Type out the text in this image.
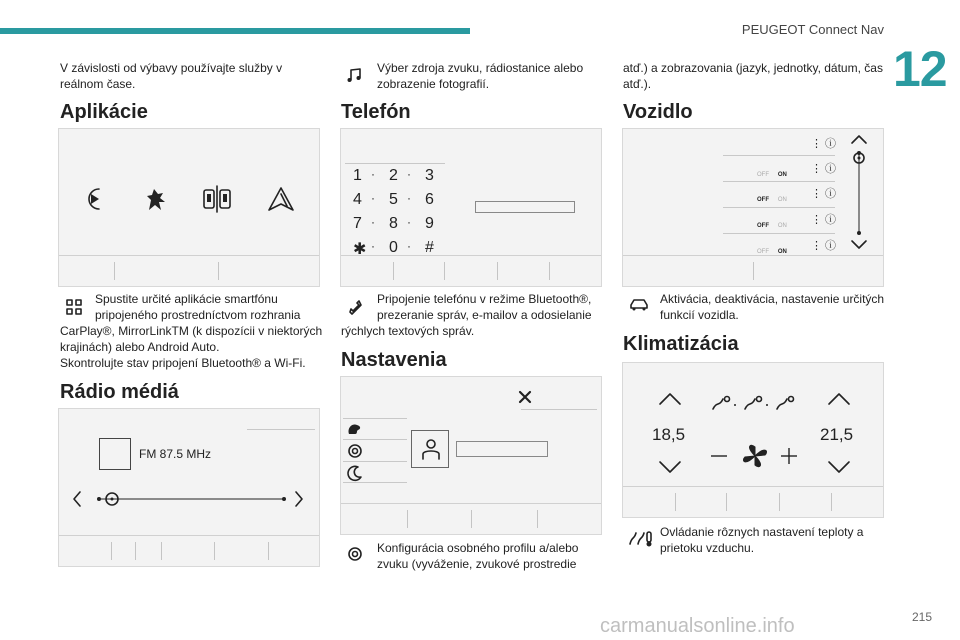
PEUGEOT Connect Nav
12
V závislosti od výbavy používajte služby v
reálnom čase.
Aplikácie
Spustite určité aplikácie smartfónu
pripojeného prostredníctvom rozhrania
CarPlay®, MirrorLinkTM (k dispozícii v niektorých
krajinách) alebo Android Auto.
Skontrolujte stav pripojení Bluetooth® a Wi-Fi.
Rádio médiá
FM 87.5 MHz
Výber zdroja zvuku, rádiostanice alebo
zobrazenie fotografií.
Telefón
1 · 2 · 3
4 · 5 · 6
7 · 8 · 9
✱ · 0 · #
Pripojenie telefónu v režime Bluetooth®,
prezeranie správ, e-mailov a odosielanie
rýchlych textových správ.
Nastavenia
Konfigurácia osobného profilu a/alebo
zvuku (vyváženie, zvukové prostredie
atď.) a zobrazovania (jazyk, jednotky, dátum, čas
atď.).
Vozidlo
⋮ ⓘ
OFF ON ⋮ ⓘ
OFF ON ⋮ ⓘ
OFF ON ⋮ ⓘ
OFF ON ⋮ ⓘ
Aktivácia, deaktivácia, nastavenie určitých
funkcií vozidla.
Klimatizácia
18,5	21,5
Ovládanie rôznych nastavení teploty a
prietoku vzduchu.
215
carmanualsonline.info
